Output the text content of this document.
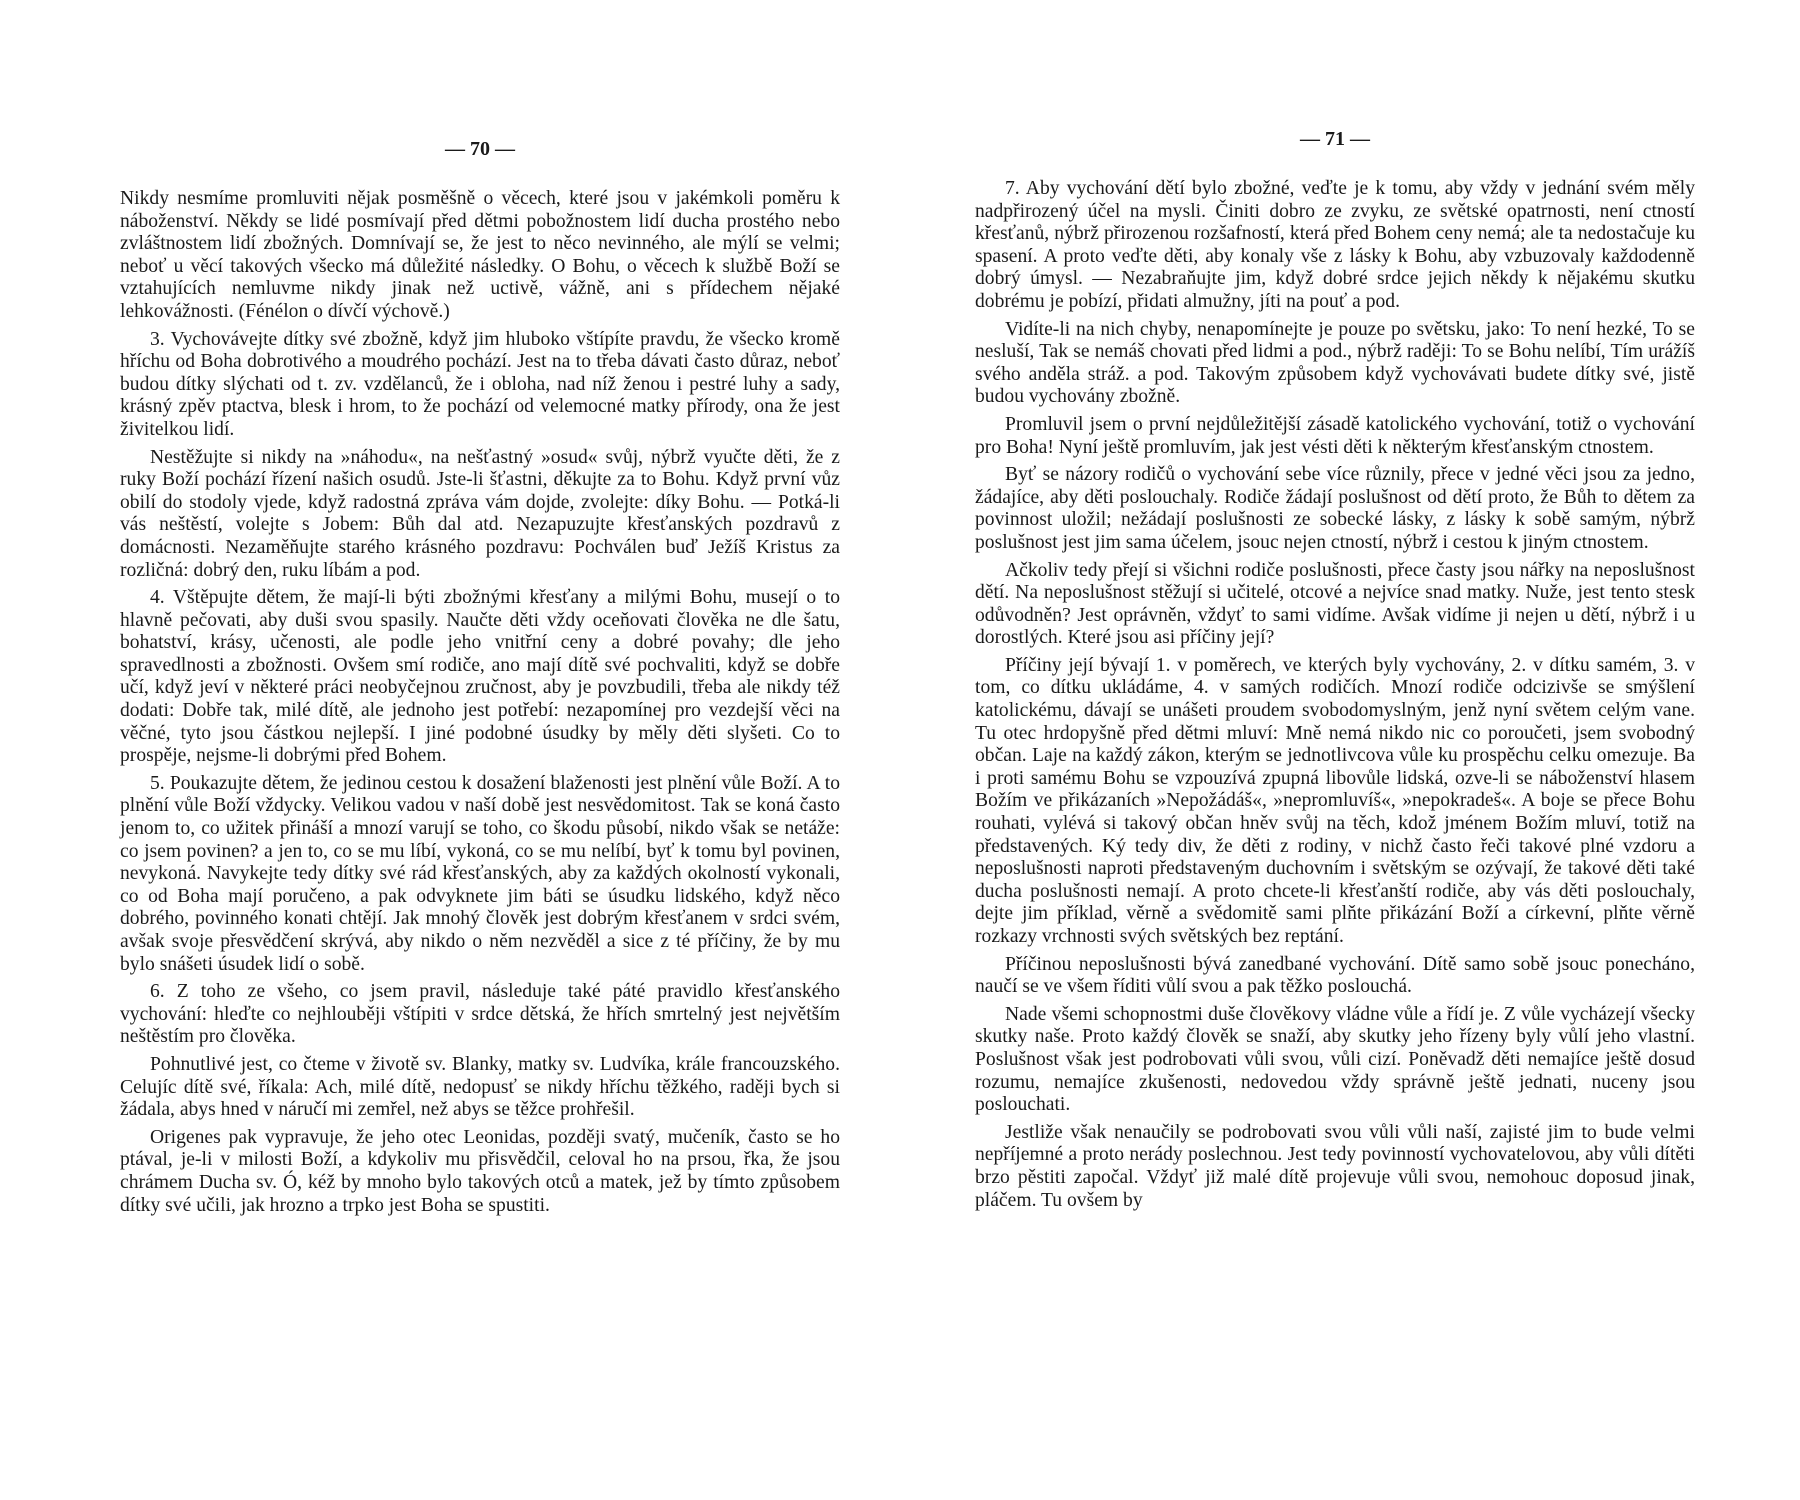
— 70 —

Nikdy nesmíme promluviti nějak posměšně o věcech, které jsou v jakémkoli poměru k náboženství. Někdy se lidé posmívají před dětmi pobožnostem lidí ducha prostého nebo zvláštnostem lidí zbožných. Domnívají se, že jest to něco nevinného, ale mýlí se velmi; neboť u věcí takových všecko má důležité následky. O Bohu, o věcech k službě Boží se vztahujících nemluvme nikdy jinak než uctivě, vážně, ani s přídechem nějaké lehkovážnosti. (Fénélon o dívčí výchově.)

3. Vychovávejte dítky své zbožně, když jim hluboko vštípíte pravdu, že všecko kromě hříchu od Boha dobrotivého a moudrého pochází. Jest na to třeba dávati často důraz, neboť budou dítky slýchati od t. zv. vzdělanců, že i obloha, nad níž ženou i pestré luhy a sady, krásný zpěv ptactva, blesk i hrom, to že pochází od velemocné matky přírody, ona že jest živitelkou lidí.

Nestěžujte si nikdy na »náhodu«, na nešťastný »osud« svůj, nýbrž vyučte děti, že z ruky Boží pochází řízení našich osudů. Jste-li šťastni, děkujte za to Bohu. Když první vůz obilí do stodoly vjede, když radostná zpráva vám dojde, zvolejte: díky Bohu. — Potká-li vás neštěstí, volejte s Jobem: Bůh dal atd. Nezapuzujte křesťanských pozdravů z domácnosti. Nezaměňujte starého krásného pozdravu: Pochválen buď Ježíš Kristus za rozličná: dobrý den, ruku líbám a pod.

4. Vštěpujte dětem, že mají-li býti zbožnými křesťany a milými Bohu, musejí o to hlavně pečovati, aby duši svou spasily. Naučte děti vždy oceňovati člověka ne dle šatu, bohatství, krásy, učenosti, ale podle jeho vnitřní ceny a dobré povahy; dle jeho spravedlnosti a zbožnosti. Ovšem smí rodiče, ano mají dítě své pochvaliti, když se dobře učí, když jeví v některé práci neobyčejnou zručnost, aby je povzbudili, třeba ale nikdy též dodati: Dobře tak, milé dítě, ale jednoho jest potřebí: nezapomínej pro vezdejší věci na věčné, tyto jsou částkou nejlepší. I jiné podobné úsudky by měly děti slyšeti. Co to prospěje, nejsme-li dobrými před Bohem.

5. Poukazujte dětem, že jedinou cestou k dosažení blaženosti jest plnění vůle Boží. A to plnění vůle Boží vždycky. Velikou vadou v naší době jest nesvědomitost. Tak se koná často jenom to, co užitek přináší a mnozí varují se toho, co škodu působí, nikdo však se netáže: co jsem povinen? a jen to, co se mu líbí, vykoná, co se mu nelíbí, byť k tomu byl povinen, nevykoná. Navykejte tedy dítky své rád křesťanských, aby za každých okolností vykonali, co od Boha mají poručeno, a pak odvyknete jim báti se úsudku lidského, když něco dobrého, povinného konati chtějí. Jak mnohý člověk jest dobrým křesťanem v srdci svém, avšak svoje přesvědčení skrývá, aby nikdo o něm nezvěděl a sice z té příčiny, že by mu bylo snášeti úsudek lidí o sobě.

6. Z toho ze všeho, co jsem pravil, následuje také páté pravidlo křesťanského vychování: hleďte co nejhlouběji vštípiti v srdce dětská, že hřích smrtelný jest největším neštěstím pro člověka.

Pohnutlivé jest, co čteme v životě sv. Blanky, matky sv. Ludvíka, krále francouzského. Celujíc dítě své, říkala: Ach, milé dítě, nedopusť se nikdy hříchu těžkého, raději bych si žádala, abys hned v náručí mi zemřel, než abys se těžce prohřešil.

Origenes pak vypravuje, že jeho otec Leonidas, později svatý, mučeník, často se ho ptával, je-li v milosti Boží, a kdykoliv mu přisvědčil, celoval ho na prsou, řka, že jsou chrámem Ducha sv. Ó, kéž by mnoho bylo takových otců a matek, jež by tímto způsobem dítky své učili, jak hrozno a trpko jest Boha se spustiti.

— 71 —

7. Aby vychování dětí bylo zbožné, veďte je k tomu, aby vždy v jednání svém měly nadpřirozený účel na mysli. Činiti dobro ze zvyku, ze světské opatrnosti, není ctností křesťanů, nýbrž přirozenou rozšafností, která před Bohem ceny nemá; ale ta nedostačuje ku spasení. A proto veďte děti, aby konaly vše z lásky k Bohu, aby vzbuzovaly každodenně dobrý úmysl. — Nezabraňujte jim, když dobré srdce jejich někdy k nějakému skutku dobrému je pobízí, přidati almužny, jíti na pouť a pod.

Vidíte-li na nich chyby, nenapomínejte je pouze po světsku, jako: To není hezké, To se nesluší, Tak se nemáš chovati před lidmi a pod., nýbrž raději: To se Bohu nelíbí, Tím urážíš svého anděla stráž. a pod. Takovým způsobem když vychovávati budete dítky své, jistě budou vychovány zbožně.

Promluvil jsem o první nejdůležitější zásadě katolického vychování, totiž o vychování pro Boha! Nyní ještě promluvím, jak jest vésti děti k některým křesťanským ctnostem.

Byť se názory rodičů o vychování sebe více různily, přece v jedné věci jsou za jedno, žádajíce, aby děti poslouchaly. Rodiče žádají poslušnost od dětí proto, že Bůh to dětem za povinnost uložil; nežádají poslušnosti ze sobecké lásky, z lásky k sobě samým, nýbrž poslušnost jest jim sama účelem, jsouc nejen ctností, nýbrž i cestou k jiným ctnostem.

Ačkoliv tedy přejí si všichni rodiče poslušnosti, přece časty jsou nářky na neposlušnost dětí. Na neposlušnost stěžují si učitelé, otcové a nejvíce snad matky. Nuže, jest tento stesk odůvodněn? Jest oprávněn, vždyť to sami vidíme. Avšak vidíme ji nejen u dětí, nýbrž i u dorostlých. Které jsou asi příčiny její?

Příčiny její bývají 1. v poměrech, ve kterých byly vychovány, 2. v dítku samém, 3. v tom, co dítku ukládáme, 4. v samých rodičích. Mnozí rodiče odcizivše se smýšlení katolickému, dávají se unášeti proudem svobodomyslným, jenž nyní světem celým vane. Tu otec hrdopyšně před dětmi mluví: Mně nemá nikdo nic co poroučeti, jsem svobodný občan. Laje na každý zákon, kterým se jednotlivcova vůle ku prospěchu celku omezuje. Ba i proti samému Bohu se vzpouzívá zpupná libovůle lidská, ozve-li se náboženství hlasem Božím ve přikázaních »Nepožádáš«, »nepromluvíš«, »nepokradeš«. A boje se přece Bohu rouhati, vylévá si takový občan hněv svůj na těch, kdož jménem Božím mluví, totiž na představených. Ký tedy div, že děti z rodiny, v nichž často řeči takové plné vzdoru a neposlušnosti naproti představeným duchovním i světským se ozývají, že takové děti také ducha poslušnosti nemají. A proto chcete-li křesťanští rodiče, aby vás děti poslouchaly, dejte jim příklad, věrně a svědomitě sami plňte přikázání Boží a církevní, plňte věrně rozkazy vrchnosti svých světských bez reptání.

Příčinou neposlušnosti bývá zanedbané vychování. Dítě samo sobě jsouc ponecháno, naučí se ve všem říditi vůlí svou a pak těžko poslouchá.

Nade všemi schopnostmi duše člověkovy vládne vůle a řídí je. Z vůle vycházejí všecky skutky naše. Proto každý člověk se snaží, aby skutky jeho řízeny byly vůlí jeho vlastní. Poslušnost však jest podrobovati vůli svou, vůli cizí. Poněvadž děti nemajíce ještě dosud rozumu, nemajíce zkušenosti, nedovedou vždy správně ještě jednati, nuceny jsou poslouchati.

Jestliže však nenaučily se podrobovati svou vůli vůli naší, zajisté jim to bude velmi nepříjemné a proto nerády poslechnou. Jest tedy povinností vychovatelovou, aby vůli dítěti brzo pěstiti započal. Vždyť již malé dítě projevuje vůli svou, nemohouc doposud jinak, pláčem. Tu ovšem by
